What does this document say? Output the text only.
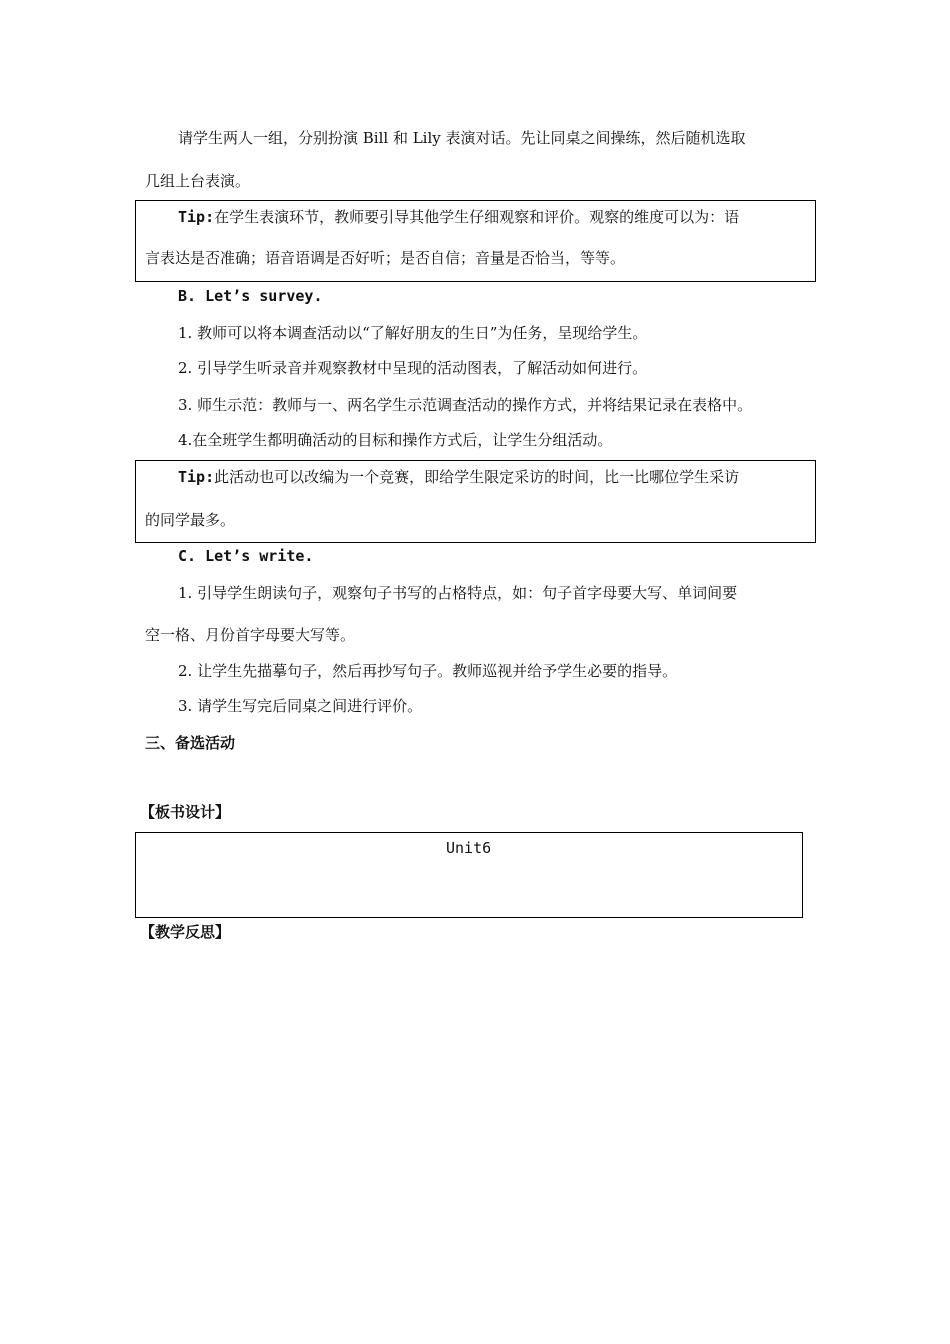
请学生两人一组，分别扮演 Bill 和 Lily 表演对话。先让同桌之间操练，然后随机选取
几组上台表演。
Tip:在学生表演环节，教师要引导其他学生仔细观察和评价。观察的维度可以为：语
言表达是否准确；语音语调是否好听；是否自信；音量是否恰当，等等。
B. Let’s survey.
1. 教师可以将本调查活动以“了解好朋友的生日”为任务，呈现给学生。
2. 引导学生听录音并观察教材中呈现的活动图表，了解活动如何进行。
3. 师生示范：教师与一、两名学生示范调查活动的操作方式，并将结果记录在表格中。
4.在全班学生都明确活动的目标和操作方式后，让学生分组活动。
Tip:此活动也可以改编为一个竞赛，即给学生限定采访的时间，比一比哪位学生采访
的同学最多。
C. Let’s write.
1. 引导学生朗读句子，观察句子书写的占格特点，如：句子首字母要大写、单词间要
空一格、月份首字母要大写等。
2. 让学生先描摹句子，然后再抄写句子。教师巡视并给予学生必要的指导。
3. 请学生写完后同桌之间进行评价。
三、备选活动
【板书设计】
Unit6
【教学反思】
